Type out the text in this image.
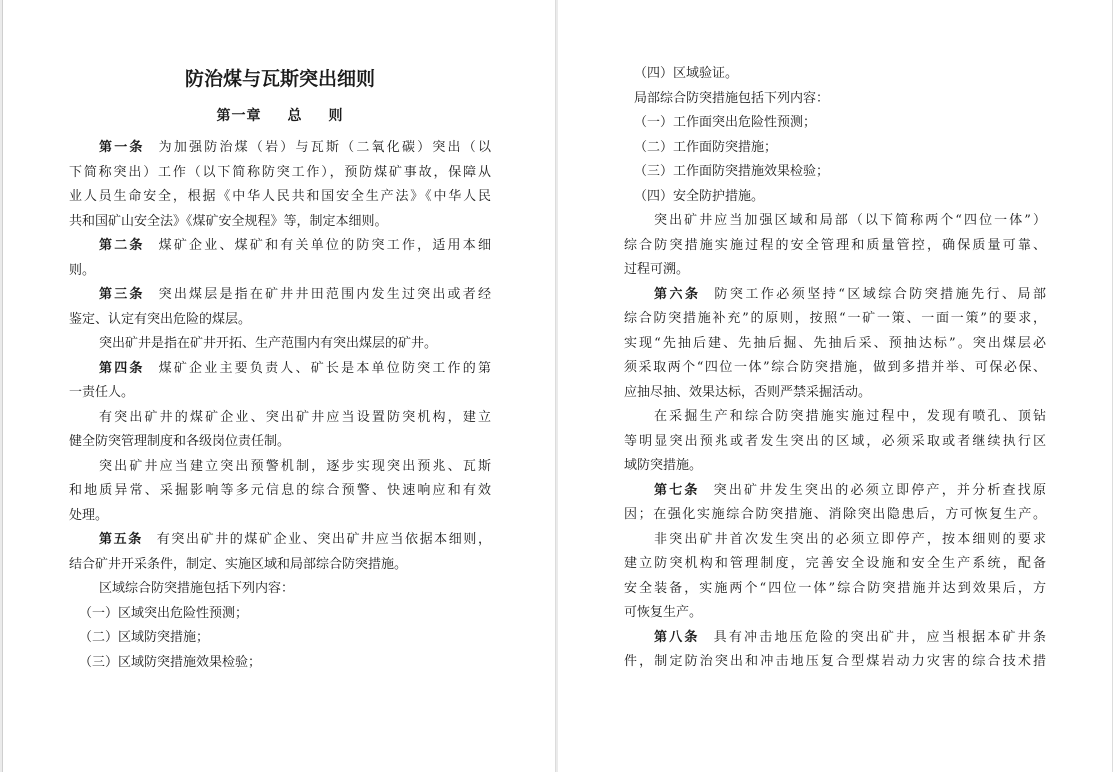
防治煤与瓦斯突出细则
第一章 总 则
第一条 为加强防治煤（岩）与瓦斯（二氧化碳）突出（以
下简称突出）工作（以下简称防突工作），预防煤矿事故，保障从
业人员生命安全，根据《中华人民共和国安全生产法》《中华人民
共和国矿山安全法》《煤矿安全规程》等，制定本细则。
第二条 煤矿企业、煤矿和有关单位的防突工作，适用本细
则。
第三条 突出煤层是指在矿井井田范围内发生过突出或者经
鉴定、认定有突出危险的煤层。
突出矿井是指在矿井开拓、生产范围内有突出煤层的矿井。
第四条 煤矿企业主要负责人、矿长是本单位防突工作的第
一责任人。
有突出矿井的煤矿企业、突出矿井应当设置防突机构，建立
健全防突管理制度和各级岗位责任制。
突出矿井应当建立突出预警机制，逐步实现突出预兆、瓦斯
和地质异常、采掘影响等多元信息的综合预警、快速响应和有效
处理。
第五条 有突出矿井的煤矿企业、突出矿井应当依据本细则，
结合矿井开采条件，制定、实施区域和局部综合防突措施。
区域综合防突措施包括下列内容：
（一）区域突出危险性预测；
（二）区域防突措施；
（三）区域防突措施效果检验；
（四）区域验证。
局部综合防突措施包括下列内容：
（一）工作面突出危险性预测；
（二）工作面防突措施；
（三）工作面防突措施效果检验；
（四）安全防护措施。
突出矿井应当加强区域和局部（以下简称两个“四位一体”）
综合防突措施实施过程的安全管理和质量管控，确保质量可靠、
过程可溯。
第六条 防突工作必须坚持“区域综合防突措施先行、局部
综合防突措施补充”的原则，按照“一矿一策、一面一策”的要求，
实现“先抽后建、先抽后掘、先抽后采、预抽达标”。突出煤层必
须采取两个“四位一体”综合防突措施，做到多措并举、可保必保、
应抽尽抽、效果达标，否则严禁采掘活动。
在采掘生产和综合防突措施实施过程中，发现有喷孔、顶钻
等明显突出预兆或者发生突出的区域，必须采取或者继续执行区
域防突措施。
第七条 突出矿井发生突出的必须立即停产，并分析查找原
因；在强化实施综合防突措施、消除突出隐患后，方可恢复生产。
非突出矿井首次发生突出的必须立即停产，按本细则的要求
建立防突机构和管理制度，完善安全设施和安全生产系统，配备
安全装备，实施两个“四位一体”综合防突措施并达到效果后，方
可恢复生产。
第八条 具有冲击地压危险的突出矿井，应当根据本矿井条
件，制定防治突出和冲击地压复合型煤岩动力灾害的综合技术措
